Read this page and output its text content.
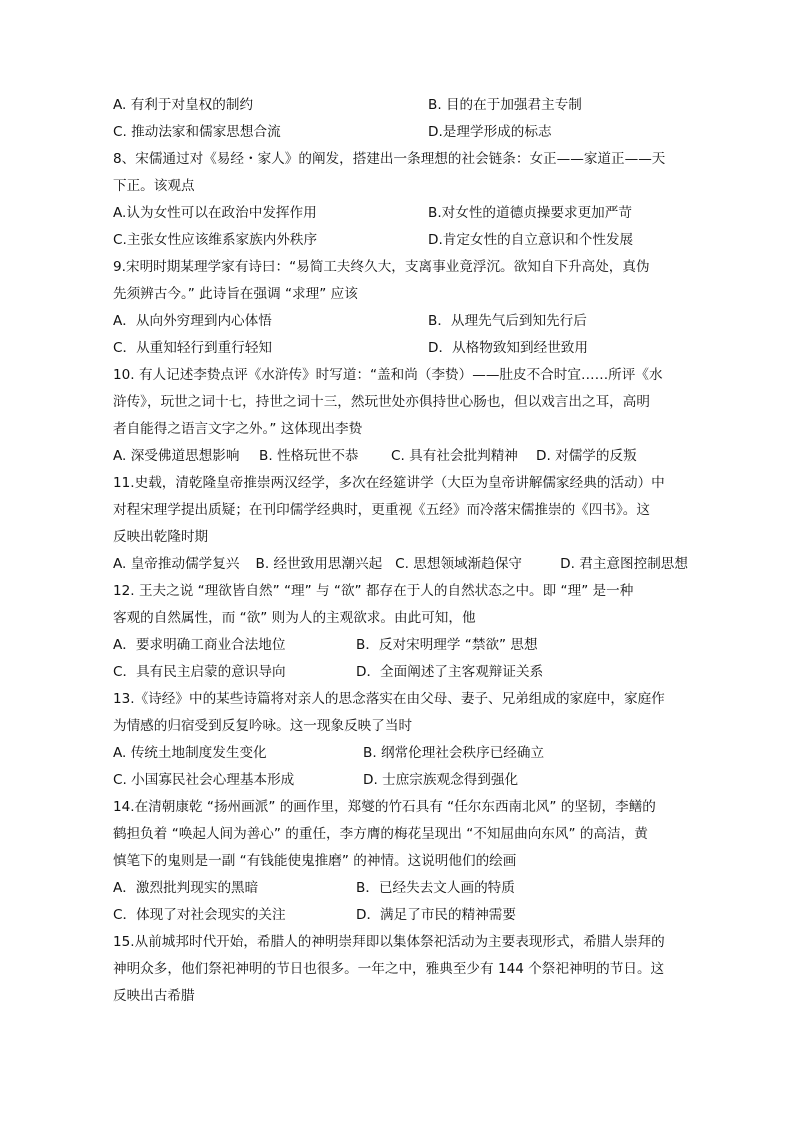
A. 有利于对皇权的制约	B. 目的在于加强君主专制
C. 推动法家和儒家思想合流	D.是理学形成的标志
8、宋儒通过对《易经・家人》的阐发，搭建出一条理想的社会链条：女正——家道正——天
下正。该观点
A.认为女性可以在政治中发挥作用	B.对女性的道德贞操要求更加严苛
C.主张女性应该维系家族内外秩序	D.肯定女性的自立意识和个性发展
9.宋明时期某理学家有诗曰：“易简工夫终久大，支离事业竟浮沉。欲知自下升高处，真伪
先须辨古今。” 此诗旨在强调 “求理” 应该
A．从向外穷理到内心体悟	B．从理先气后到知先行后
C．从重知轻行到重行轻知	D．从格物致知到经世致用
10. 有人记述李贽点评《水浒传》时写道：“盖和尚（李贽）——肚皮不合时宜……所评《水
浒传》，玩世之词十七，持世之词十三，然玩世处亦俱持世心肠也，但以戏言出之耳，高明
者自能得之语言文字之外。” 这体现出李贽
A. 深受佛道思想影响	B. 性格玩世不恭	C. 具有社会批判精神	D. 对儒学的反叛
11.史载，清乾隆皇帝推崇两汉经学，多次在经筵讲学（大臣为皇帝讲解儒家经典的活动）中
对程宋理学提出质疑；在刊印儒学经典时，更重视《五经》而冷落宋儒推崇的《四书》。这
反映出乾隆时期
A. 皇帝推动儒学复兴	B. 经世致用思潮兴起 C. 思想领域渐趋保守	D. 君主意图控制思想
12. 王夫之说 “理欲皆自然” “理” 与 “欲” 都存在于人的自然状态之中。即 “理” 是一种
客观的自然属性，而 “欲” 则为人的主观欲求。由此可知，他
A．要求明确工商业合法地位	B．反对宋明理学 “禁欲” 思想
C．具有民主启蒙的意识导向	D．全面阐述了主客观辩证关系
13.《诗经》中的某些诗篇将对亲人的思念落实在由父母、妻子、兄弟组成的家庭中，家庭作
为情感的归宿受到反复吟咏。这一现象反映了当时
A. 传统土地制度发生变化	B. 纲常伦理社会秩序已经确立
C. 小国寡民社会心理基本形成	D. 士庶宗族观念得到强化
14.在清朝康乾 “扬州画派” 的画作里，郑燮的竹石具有 “任尔东西南北风” 的坚韧，李鳝的
鹤担负着 “唤起人间为善心” 的重任，李方膺的梅花呈现出 “不知屈曲向东风” 的高洁，黄
慎笔下的鬼则是一副 “有钱能使鬼推磨” 的神情。这说明他们的绘画
A．激烈批判现实的黑暗	B．已经失去文人画的特质
C．体现了对社会现实的关注	D．满足了市民的精神需要
15.从前城邦时代开始，希腊人的神明崇拜即以集体祭祀活动为主要表现形式，希腊人崇拜的
神明众多，他们祭祀神明的节日也很多。一年之中，雅典至少有 144 个祭祀神明的节日。这
反映出古希腊
